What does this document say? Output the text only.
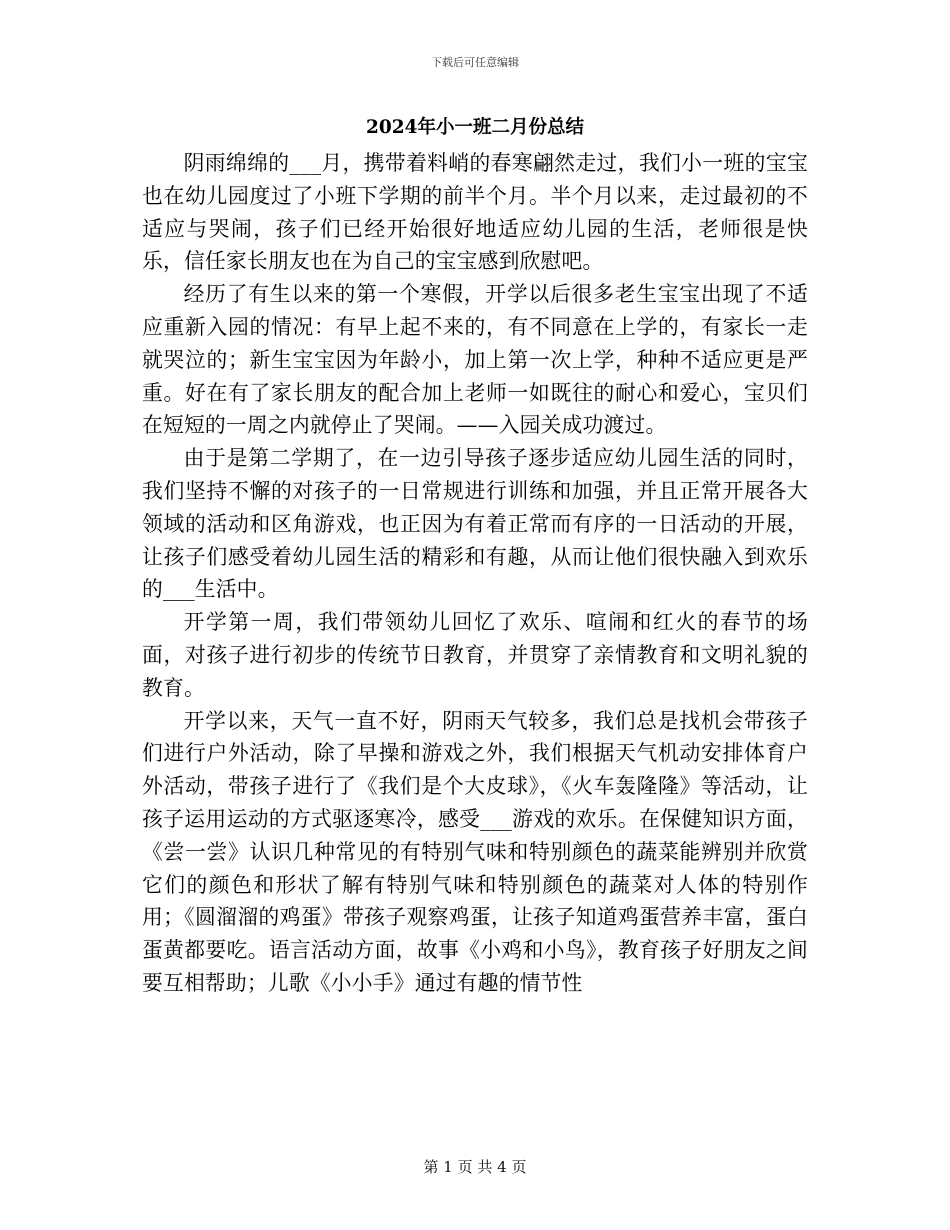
下载后可任意编辑
2024年小一班二月份总结

阴雨绵绵的___月，携带着料峭的春寒翩然走过，我们小一班的宝宝也在幼儿园度过了小班下学期的前半个月。半个月以来，走过最初的不适应与哭闹，孩子们已经开始很好地适应幼儿园的生活，老师很是快乐，信任家长朋友也在为自己的宝宝感到欣慰吧。

经历了有生以来的第一个寒假，开学以后很多老生宝宝出现了不适应重新入园的情况：有早上起不来的，有不同意在上学的，有家长一走就哭泣的；新生宝宝因为年龄小，加上第一次上学，种种不适应更是严重。好在有了家长朋友的配合加上老师一如既往的耐心和爱心，宝贝们在短短的一周之内就停止了哭闹。——入园关成功渡过。

由于是第二学期了，在一边引导孩子逐步适应幼儿园生活的同时，我们坚持不懈的对孩子的一日常规进行训练和加强，并且正常开展各大领域的活动和区角游戏，也正因为有着正常而有序的一日活动的开展，让孩子们感受着幼儿园生活的精彩和有趣，从而让他们很快融入到欢乐的___生活中。

开学第一周，我们带领幼儿回忆了欢乐、喧闹和红火的春节的场面，对孩子进行初步的传统节日教育，并贯穿了亲情教育和文明礼貌的教育。

开学以来，天气一直不好，阴雨天气较多，我们总是找机会带孩子们进行户外活动，除了早操和游戏之外，我们根据天气机动安排体育户外活动，带孩子进行了《我们是个大皮球》，《火车轰隆隆》等活动，让孩子运用运动的方式驱逐寒冷，感受___游戏的欢乐。在保健知识方面，《尝一尝》认识几种常见的有特别气味和特别颜色的蔬菜能辨别并欣赏它们的颜色和形状了解有特别气味和特别颜色的蔬菜对人体的特别作用；《圆溜溜的鸡蛋》带孩子观察鸡蛋，让孩子知道鸡蛋营养丰富，蛋白蛋黄都要吃。语言活动方面，故事《小鸡和小鸟》，教育孩子好朋友之间要互相帮助；儿歌《小小手》通过有趣的情节性

第 1 页 共 4 页
